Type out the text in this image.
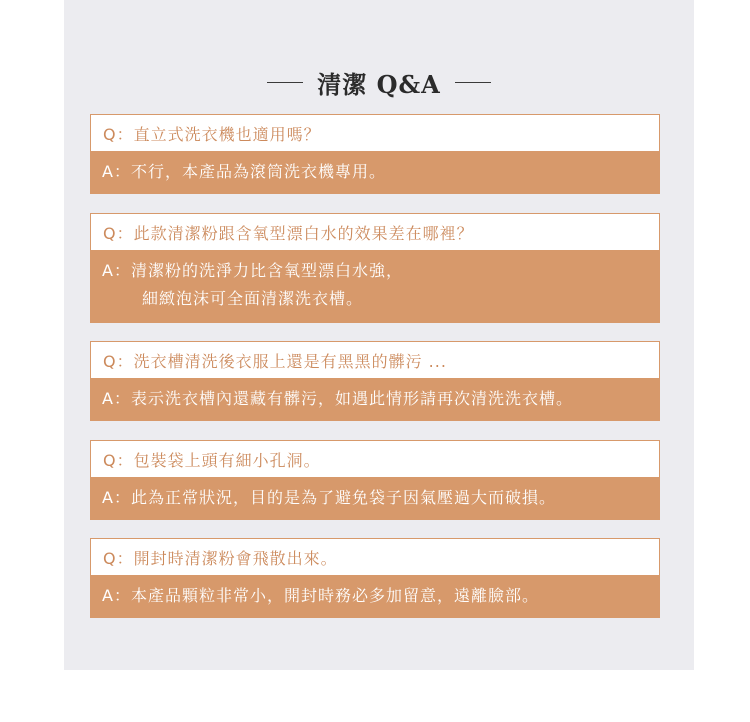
清潔 Q&A
Q：直立式洗衣機也適用嗎？
A：不行，本產品為滾筒洗衣機專用。
Q：此款清潔粉跟含氧型漂白水的效果差在哪裡？
A：清潔粉的洗淨力比含氧型漂白水強，
細緻泡沫可全面清潔洗衣槽。
Q：洗衣槽清洗後衣服上還是有黑黑的髒污 ...
A：表示洗衣槽內還藏有髒污，如遇此情形請再次清洗洗衣槽。
Q：包裝袋上頭有細小孔洞。
A：此為正常狀況，目的是為了避免袋子因氣壓過大而破損。
Q：開封時清潔粉會飛散出來。
A：本產品顆粒非常小，開封時務必多加留意，遠離臉部。
